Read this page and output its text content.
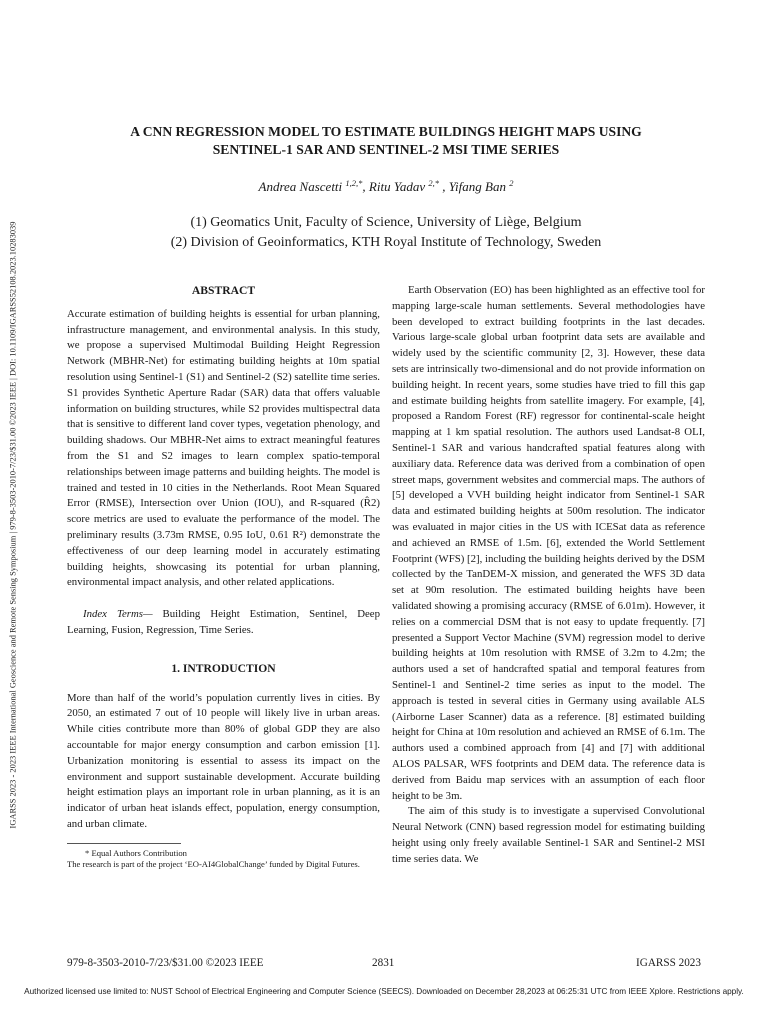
IGARSS 2023 - 2023 IEEE International Geoscience and Remote Sensing Symposium | 979-8-3503-2010-7/23/$31.00 ©2023 IEEE | DOI: 10.1109/IGARSS52108.2023.10283039
A CNN REGRESSION MODEL TO ESTIMATE BUILDINGS HEIGHT MAPS USING
SENTINEL-1 SAR AND SENTINEL-2 MSI TIME SERIES
Andrea Nascetti $^{1,2,*}$, Ritu Yadav $^{2,*}$ , Yifang Ban $^2$
(1) Geomatics Unit, Faculty of Science, University of Liège, Belgium
(2) Division of Geoinformatics, KTH Royal Institute of Technology, Sweden
ABSTRACT

Accurate estimation of building heights is essential for urban planning, infrastructure management, and environmental analysis. In this study, we propose a supervised Multimodal Building Height Regression Network (MBHR-Net) for estimating building heights at 10m spatial resolution using Sentinel-1 (S1) and Sentinel-2 (S2) satellite time series. S1 provides Synthetic Aperture Radar (SAR) data that offers valuable information on building structures, while S2 provides multispectral data that is sensitive to different land cover types, vegetation phenology, and building shadows. Our MBHR-Net aims to extract meaningful features from the S1 and S2 images to learn complex spatio-temporal relationships between image patterns and building heights. The model is trained and tested in 10 cities in the Netherlands. Root Mean Squared Error (RMSE), Intersection over Union (IOU), and R-squared (R̂2) score metrics are used to evaluate the performance of the model. The preliminary results (3.73m RMSE, 0.95 IoU, 0.61 R²) demonstrate the effectiveness of our deep learning model in accurately estimating building heights, showcasing its potential for urban planning, environmental impact analysis, and other related applications.

Index Terms— Building Height Estimation, Sentinel, Deep Learning, Fusion, Regression, Time Series.

1. INTRODUCTION

More than half of the world’s population currently lives in cities. By 2050, an estimated 7 out of 10 people will likely live in urban areas. While cities contribute more than 80% of global GDP they are also accountable for major energy consumption and carbon emission [1]. Urbanization monitoring is essential to assess its impact on the environment and support sustainable development. Accurate building height estimation plays an important role in urban planning, as it is an indicator of urban heat islands effect, population, energy consumption, and urban climate.

* Equal Authors Contribution

The research is part of the project ‘EO-AI4GlobalChange’ funded by Digital Futures.

Earth Observation (EO) has been highlighted as an effective tool for mapping large-scale human settlements. Several methodologies have been developed to extract building footprints in the last decades. Various large-scale global urban footprint data sets are available and widely used by the scientific community [2, 3]. However, these data sets are intrinsically two-dimensional and do not provide information on building height. In recent years, some studies have tried to fill this gap and estimate building heights from satellite imagery. For example, [4], proposed a Random Forest (RF) regressor for continental-scale height mapping at 1 km spatial resolution. The authors used Landsat-8 OLI, Sentinel-1 SAR and various handcrafted spatial features along with auxiliary data. Reference data was derived from a combination of open street maps, government websites and commercial maps. The authors of [5] developed a VVH building height indicator from Sentinel-1 SAR data and estimated building heights at 500m resolution. The indicator was evaluated in major cities in the US with ICESat data as reference and achieved an RMSE of 1.5m. [6], extended the World Settlement Footprint (WFS) [2], including the building heights derived by the DSM collected by the TanDEM-X mission, and generated the WFS 3D data set at 90m resolution. The estimated building heights have been validated showing a promising accuracy (RMSE of 6.01m). However, it relies on a commercial DSM that is not easy to update frequently. [7] presented a Support Vector Machine (SVM) regression model to derive building heights at 10m resolution with RMSE of 3.2m to 4.2m; the authors used a set of handcrafted spatial and temporal features from Sentinel-1 and Sentinel-2 time series as input to the model. The approach is tested in several cities in Germany using available ALS (Airborne Laser Scanner) data as a reference. [8] estimated building height for China at 10m resolution and achieved an RMSE of 6.1m. The authors used a combined approach from [4] and [7] with additional ALOS PALSAR, WFS footprints and DEM data. The reference data is derived from Baidu map services with an assumption of each floor height to be 3m.

The aim of this study is to investigate a supervised Convolutional Neural Network (CNN) based regression model for estimating building height using only freely available Sentinel-1 SAR and Sentinel-2 MSI time series data. We

979-8-3503-2010-7/23/$31.00 ©2023 IEEE	2831	IGARSS 2023
Authorized licensed use limited to: NUST School of Electrical Engineering and Computer Science (SEECS). Downloaded on December 28,2023 at 06:25:31 UTC from IEEE Xplore. Restrictions apply.
